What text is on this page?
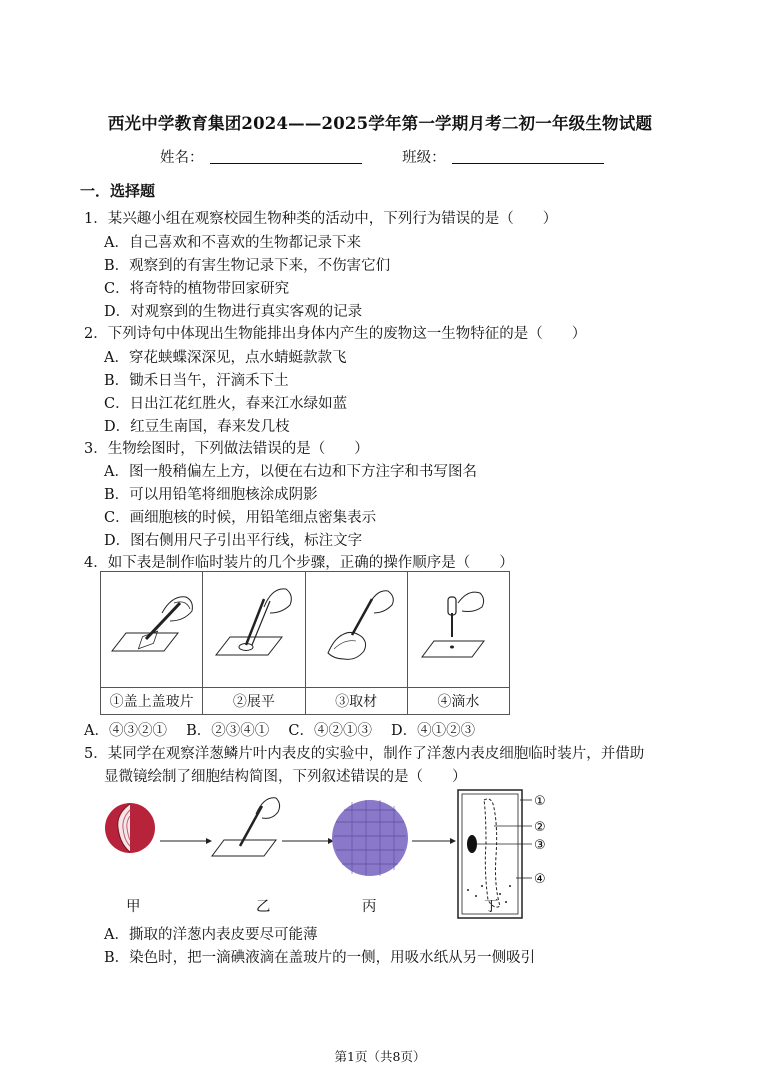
西光中学教育集团2024——2025学年第一学期月考二初一年级生物试题
姓名：	班级：
一．选择题
1．某兴趣小组在观察校园生物种类的活动中，下列行为错误的是（　　）
A．自己喜欢和不喜欢的生物都记录下来
B．观察到的有害生物记录下来，不伤害它们
C．将奇特的植物带回家研究
D．对观察到的生物进行真实客观的记录
2．下列诗句中体现出生物能排出身体内产生的废物这一生物特征的是（　　）
A．穿花蛱蝶深深见，点水蜻蜓款款飞
B．锄禾日当午，汗滴禾下土
C．日出江花红胜火，春来江水绿如蓝
D．红豆生南国，春来发几枝
3．生物绘图时，下列做法错误的是（　　）
A．图一般稍偏左上方，以便在右边和下方注字和书写图名
B．可以用铅笔将细胞核涂成阴影
C．画细胞核的时候，用铅笔细点密集表示
D．图右侧用尺子引出平行线，标注文字
4．如下表是制作临时装片的几个步骤，正确的操作顺序是（　　）

①盖上盖玻片	②展平	③取材	④滴水
A．④③②①　 B．②③④①　 C．④②①③　 D．④①②③
5．某同学在观察洋葱鳞片叶内表皮的实验中，制作了洋葱内表皮细胞临时装片，并借助
显微镜绘制了细胞结构简图，下列叙述错误的是（　　）
①
②
③
④
甲	乙	丙	丁
A．撕取的洋葱内表皮要尽可能薄
B．染色时，把一滴碘液滴在盖玻片的一侧，用吸水纸从另一侧吸引
第1页（共8页）
